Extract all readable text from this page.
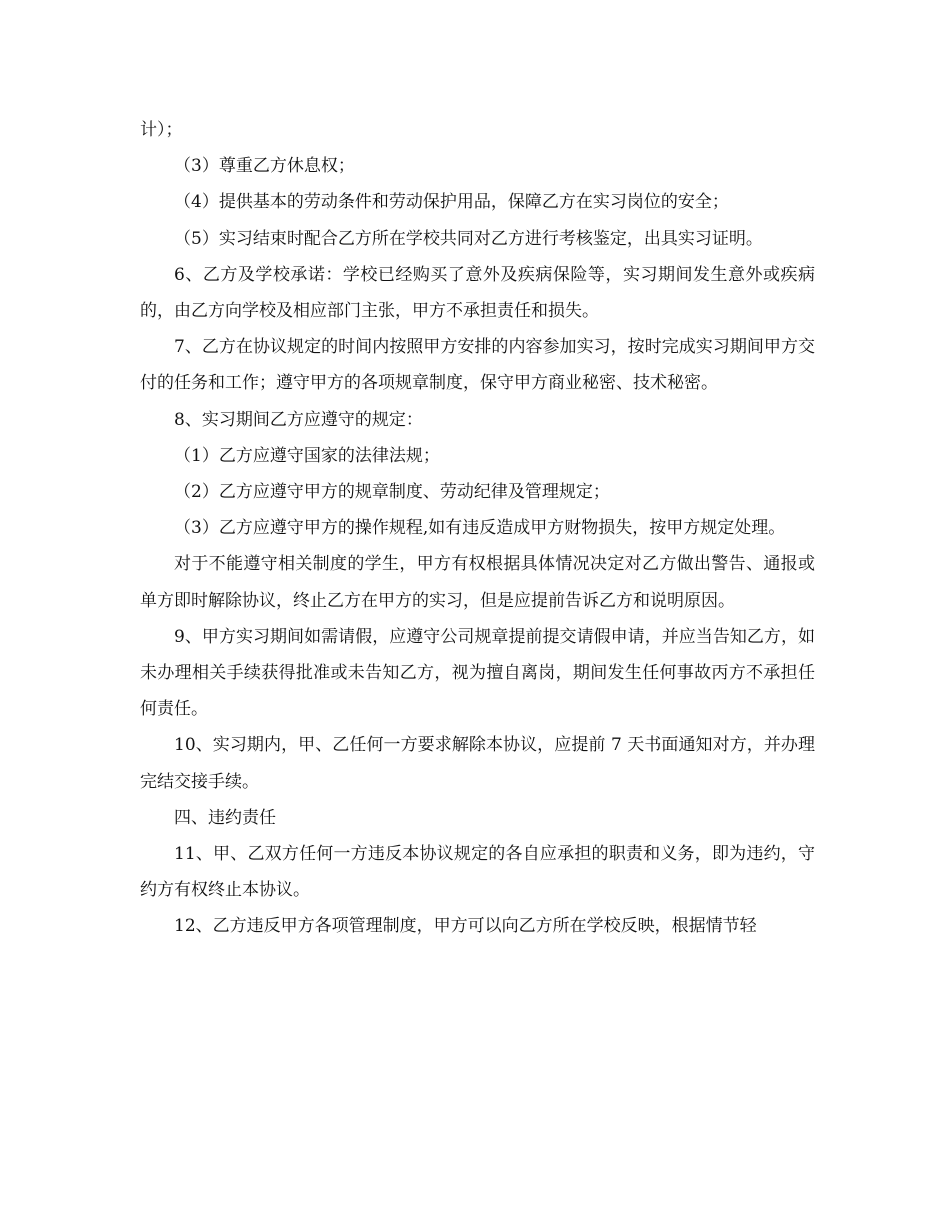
计）；

（3）尊重乙方休息权；

（4）提供基本的劳动条件和劳动保护用品，保障乙方在实习岗位的安全；

（5）实习结束时配合乙方所在学校共同对乙方进行考核鉴定，出具实习证明。

6、乙方及学校承诺：学校已经购买了意外及疾病保险等，实习期间发生意外或疾病的，由乙方向学校及相应部门主张，甲方不承担责任和损失。

7、乙方在协议规定的时间内按照甲方安排的内容参加实习，按时完成实习期间甲方交付的任务和工作；遵守甲方的各项规章制度，保守甲方商业秘密、技术秘密。

8、实习期间乙方应遵守的规定：

（1）乙方应遵守国家的法律法规；

（2）乙方应遵守甲方的规章制度、劳动纪律及管理规定；

（3）乙方应遵守甲方的操作规程,如有违反造成甲方财物损失，按甲方规定处理。

对于不能遵守相关制度的学生，甲方有权根据具体情况决定对乙方做出警告、通报或单方即时解除协议，终止乙方在甲方的实习，但是应提前告诉乙方和说明原因。

9、甲方实习期间如需请假，应遵守公司规章提前提交请假申请，并应当告知乙方，如未办理相关手续获得批准或未告知乙方，视为擅自离岗，期间发生任何事故丙方不承担任何责任。

10、实习期内，甲、乙任何一方要求解除本协议，应提前 7 天书面通知对方，并办理完结交接手续。

四、违约责任

11、甲、乙双方任何一方违反本协议规定的各自应承担的职责和义务，即为违约，守约方有权终止本协议。

12、乙方违反甲方各项管理制度，甲方可以向乙方所在学校反映，根据情节轻
